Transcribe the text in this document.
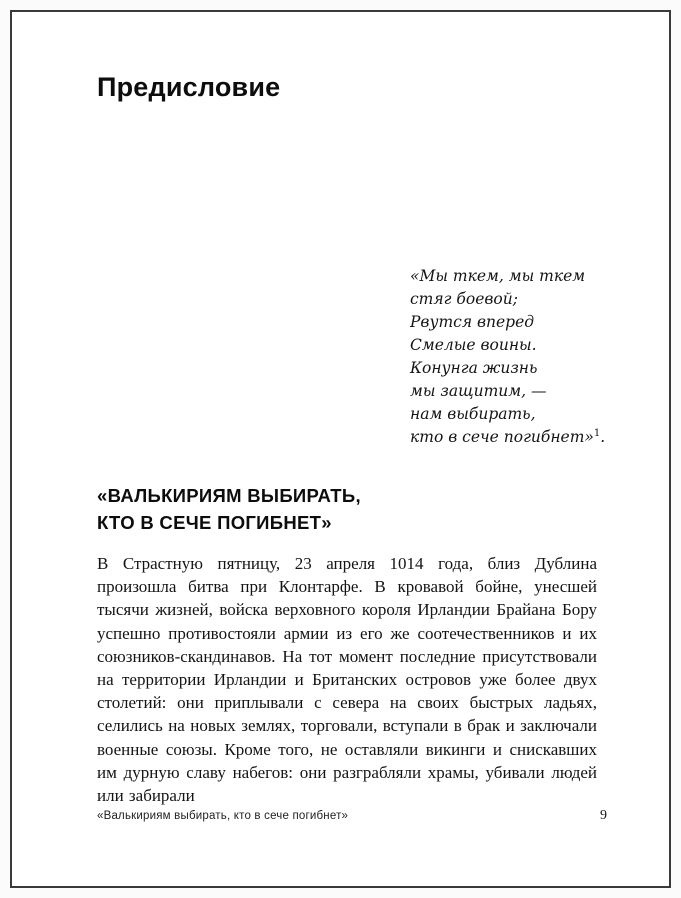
Предисловие
«Мы ткем, мы ткем
стяг боевой;
Рвутся вперед
Смелые воины.
Конунга жизнь
мы защитим, —
нам выбирать,
кто в сече погибнет»$^1$.
«ВАЛЬКИРИЯМ ВЫБИРАТЬ,
КТО В СЕЧЕ ПОГИБНЕТ»

В Страстную пятницу, 23 апреля 1014 года, близ Дублина произошла битва при Клонтарфе. В кровавой бойне, унесшей тысячи жизней, войска верховного короля Ирландии Брайана Бору успешно противостояли армии из его же соотечественников и их союзников-скандинавов. На тот момент последние присутствовали на территории Ирландии и Британских островов уже более двух столетий: они приплывали с севера на своих быстрых ладьях, селились на новых землях, торговали, вступали в брак и заключали военные союзы. Кроме того, не оставляли викинги и снискавших им дурную славу набегов: они разграбляли храмы, убивали людей или забирали

«Валькириям выбирать, кто в сече погибнет»	9
